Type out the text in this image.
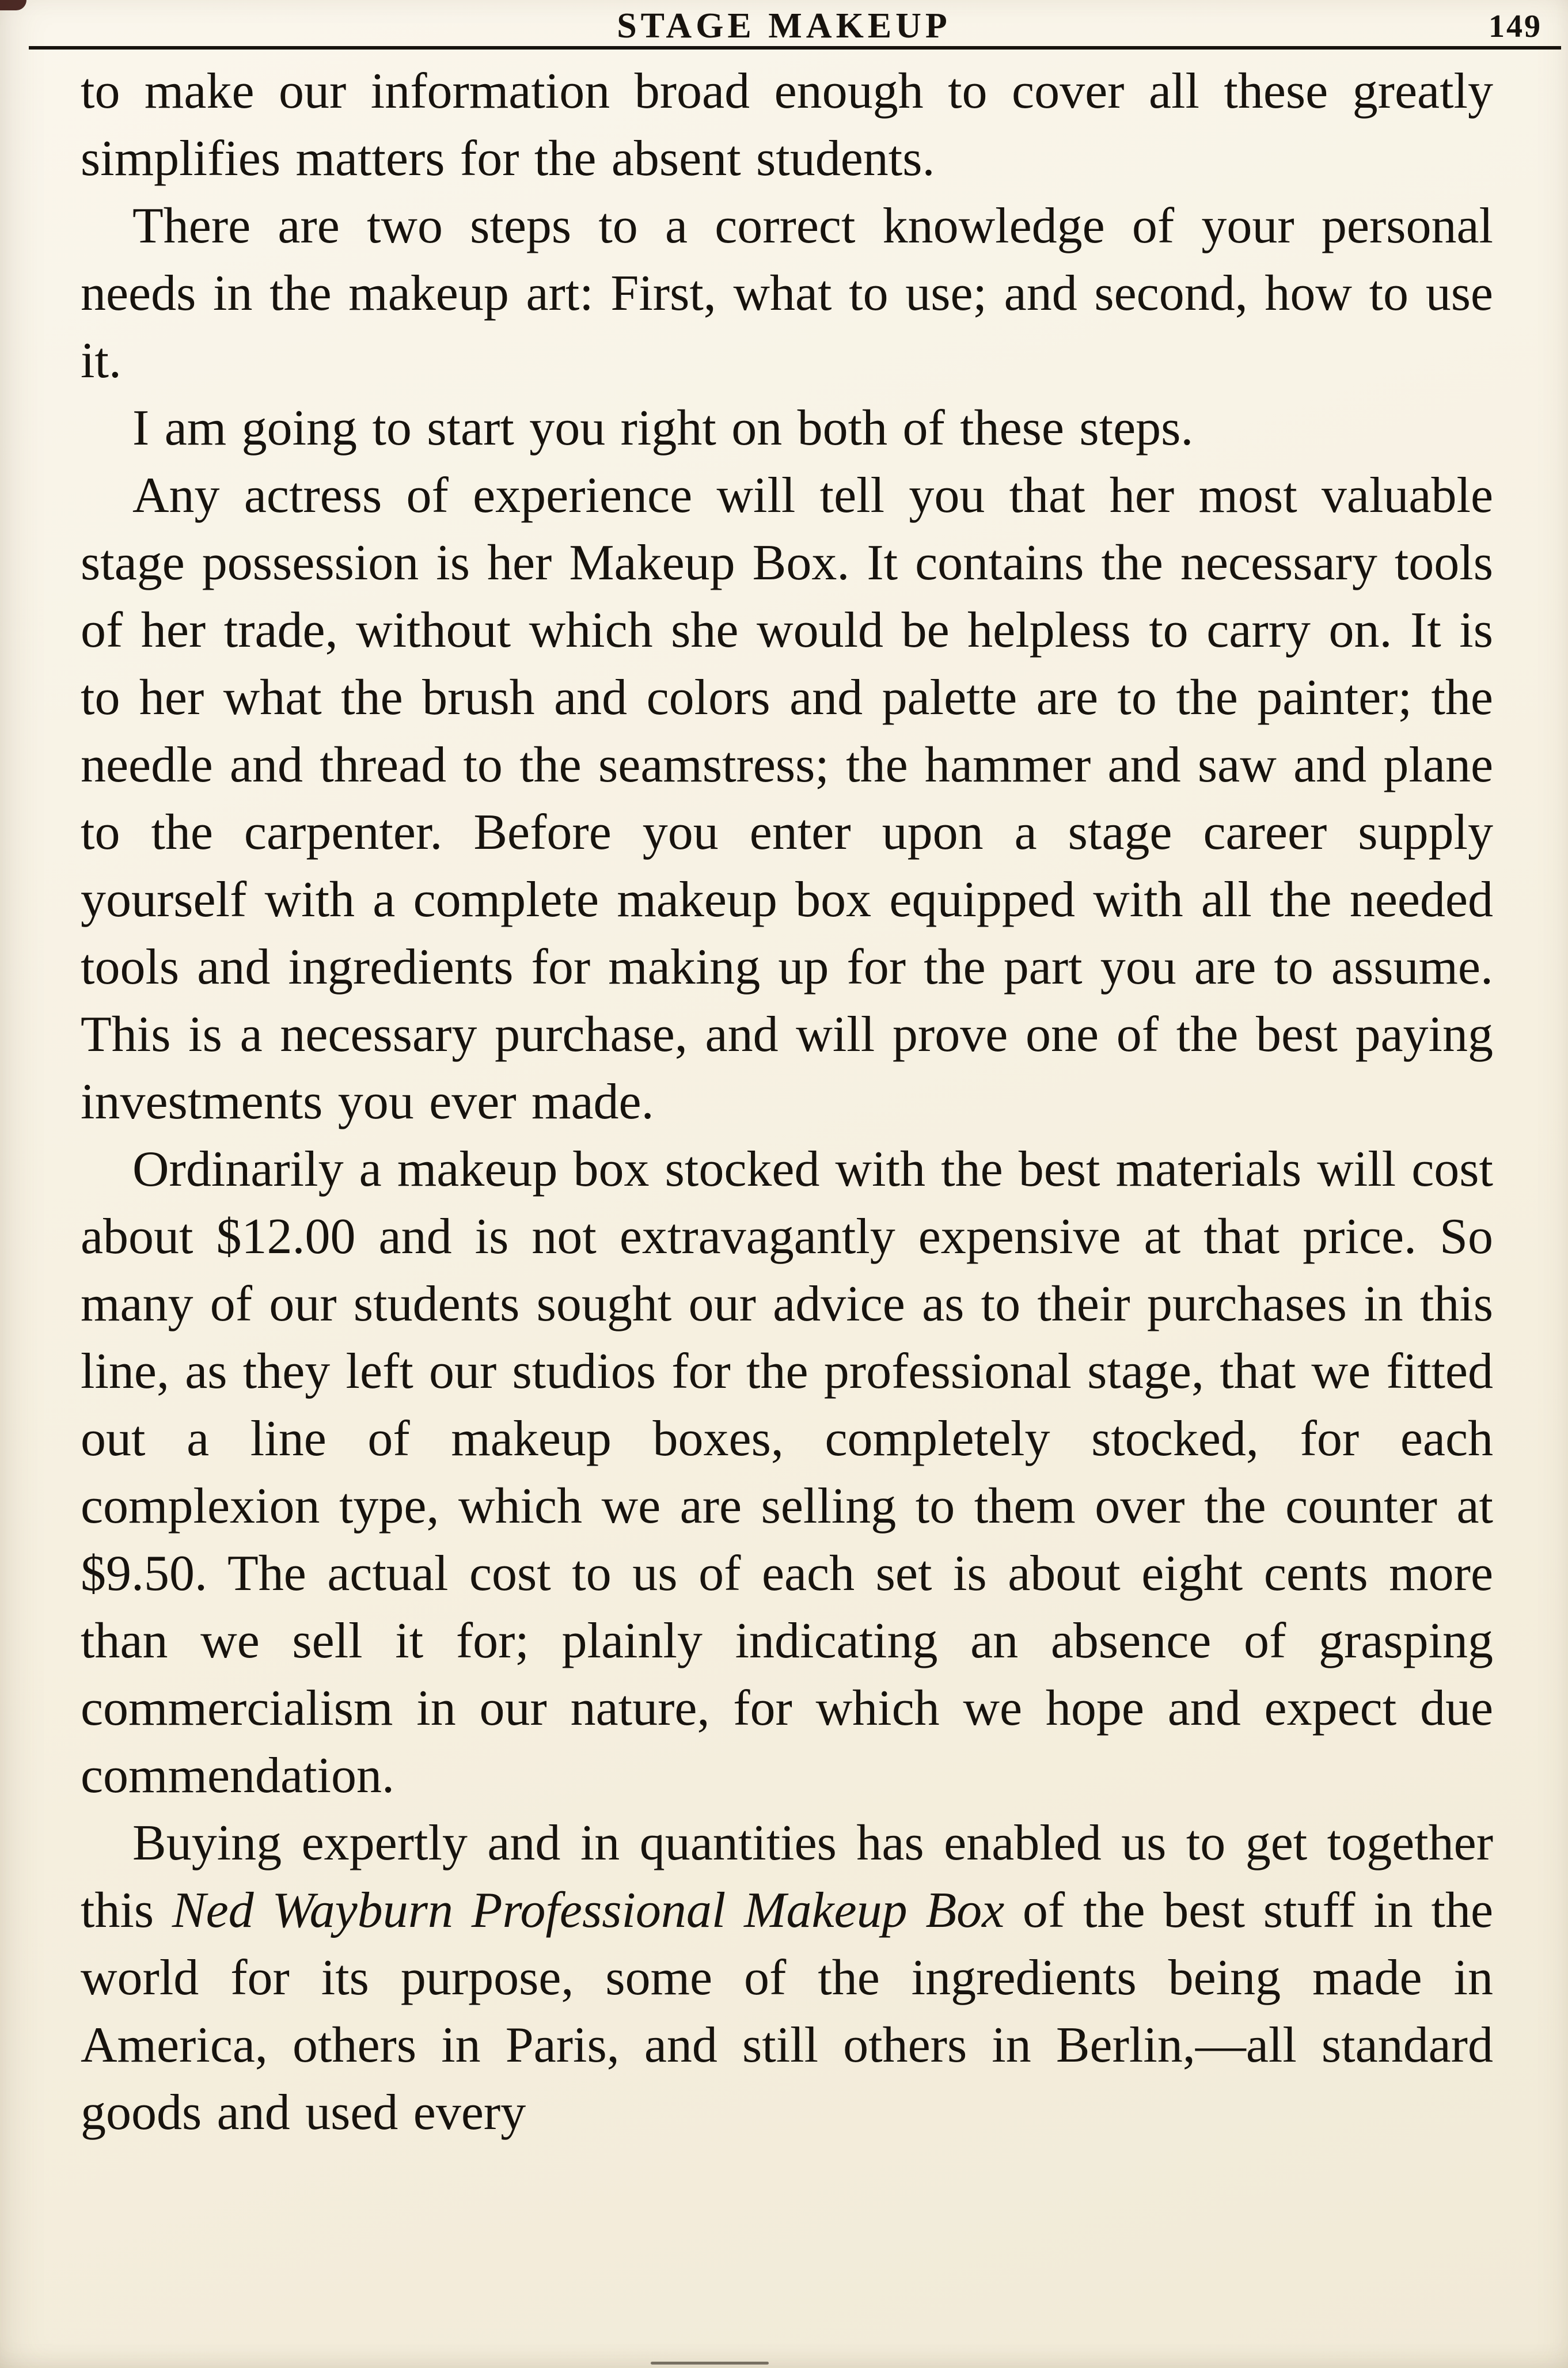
STAGE MAKEUP	149

to make our information broad enough to cover all these greatly simplifies matters for the absent students.

There are two steps to a correct knowledge of your personal needs in the makeup art: First, what to use; and second, how to use it.

I am going to start you right on both of these steps.

Any actress of experience will tell you that her most valuable stage possession is her Makeup Box. It contains the necessary tools of her trade, without which she would be helpless to carry on. It is to her what the brush and colors and palette are to the painter; the needle and thread to the seamstress; the hammer and saw and plane to the carpenter. Before you enter upon a stage career supply yourself with a complete makeup box equipped with all the needed tools and ingredients for making up for the part you are to assume. This is a necessary purchase, and will prove one of the best paying investments you ever made.

Ordinarily a makeup box stocked with the best materials will cost about $12.00 and is not extravagantly expensive at that price. So many of our students sought our advice as to their purchases in this line, as they left our studios for the professional stage, that we fitted out a line of makeup boxes, completely stocked, for each complexion type, which we are selling to them over the counter at $9.50. The actual cost to us of each set is about eight cents more than we sell it for; plainly indicating an absence of grasping commercialism in our nature, for which we hope and expect due commendation.

Buying expertly and in quantities has enabled us to get together this Ned Wayburn Professional Makeup Box of the best stuff in the world for its purpose, some of the ingredients being made in America, others in Paris, and still others in Berlin,—all standard goods and used every
